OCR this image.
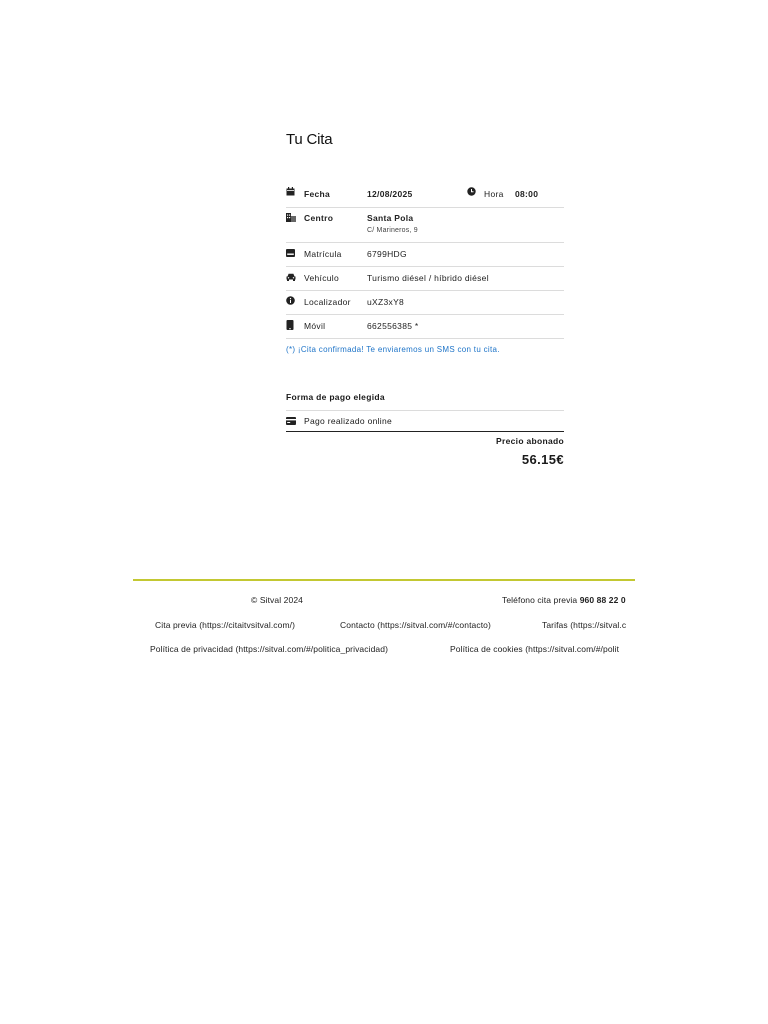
Tu Cita
Fecha	12/08/2025	Hora 08:00
Centro	Santa Pola
C/ Marineros, 9
Matrícula	6799HDG
Vehículo	Turismo diésel / híbrido diésel
Localizador uXZ3xY8
Móvil	662556385 *
(*) ¡Cita confirmada! Te enviaremos un SMS con tu cita.
Forma de pago elegida
Pago realizado online
Precio abonado
56.15€
© Sitval 2024	Teléfono cita previa 960 88 22 0
Cita previa (https://citaitvsitval.com/)	Contacto (https://sitval.com/#/contacto)	Tarifas (https://sitval.c
Política de privacidad (https://sitval.com/#/politica_privacidad)	Política de cookies (https://sitval.com/#/polit
